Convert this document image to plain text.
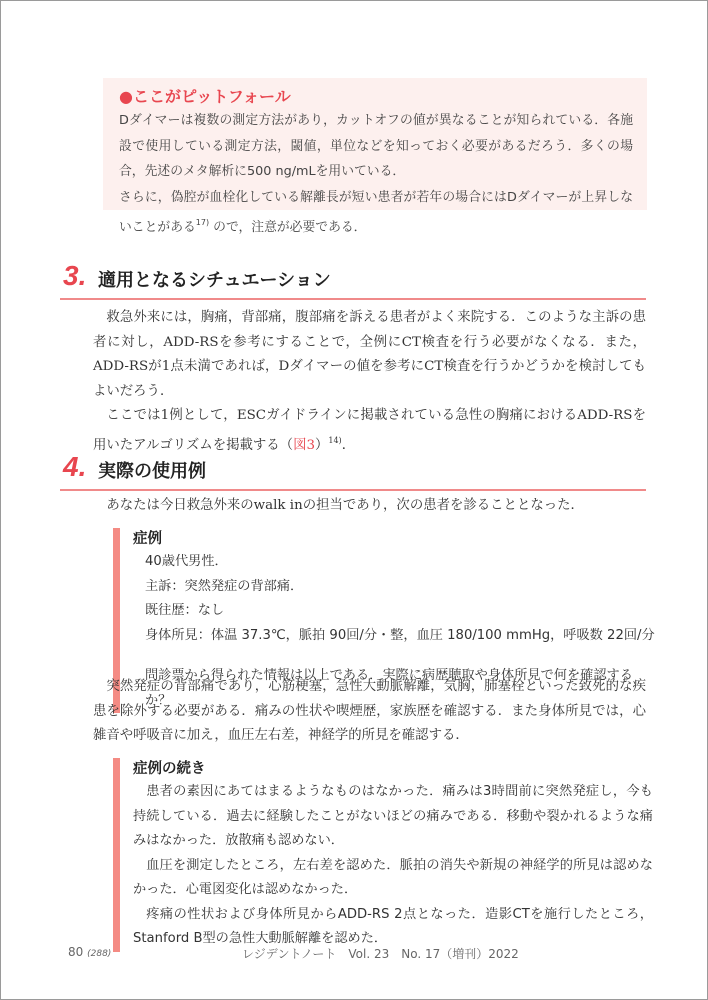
●ここがピットフォール
Dダイマーは複数の測定方法があり，カットオフの値が異なることが知られている．各施設で使用している測定方法，閾値，単位などを知っておく必要があるだろう．多くの場合，先述のメタ解析に500 ng/mLを用いている．
さらに，偽腔が血栓化している解離長が短い患者が若年の場合にはDダイマーが上昇しないことがある$^{17)}$ ので，注意が必要である．
3. 適用となるシチュエーション

救急外来には，胸痛，背部痛，腹部痛を訴える患者がよく来院する．このような主訴の患者に対し，ADD-RSを参考にすることで，全例にCT検査を行う必要がなくなる．また，ADD-RSが1点未満であれば，Dダイマーの値を参考にCT検査を行うかどうかを検討してもよいだろう．

ここでは1例として，ESCガイドラインに掲載されている急性の胸痛におけるADD-RSを用いたアルゴリズムを掲載する（図3）$^{14)}$．

4. 実際の使用例

あなたは今日救急外来のwalk inの担当であり，次の患者を診ることとなった．

症例
40歳代男性．
主訴：突然発症の背部痛．
既往歴：なし
身体所見：体温 37.3℃，脈拍 90回/分・整，血圧 180/100 mmHg，呼吸数 22回/分
問診票から得られた情報は以上である．実際に病歴聴取や身体所見で何を確認するか？

突然発症の背部痛であり，心筋梗塞，急性大動脈解離，気胸，肺塞栓といった致死的な疾患を除外する必要がある．痛みの性状や喫煙歴，家族歴を確認する．また身体所見では，心雑音や呼吸音に加え，血圧左右差，神経学的所見を確認する．

症例の続き

患者の素因にあてはまるようなものはなかった．痛みは3時間前に突然発症し，今も持続している．過去に経験したことがないほどの痛みである．移動や裂かれるような痛みはなかった．放散痛も認めない．

血圧を測定したところ，左右差を認めた．脈拍の消失や新規の神経学的所見は認めなかった．心電図変化は認めなかった．

疼痛の性状および身体所見からADD-RS 2点となった．造影CTを施行したところ，Stanford B型の急性大動脈解離を認めた．

80 (288)	レジデントノート　Vol. 23　No. 17（増刊）2022
